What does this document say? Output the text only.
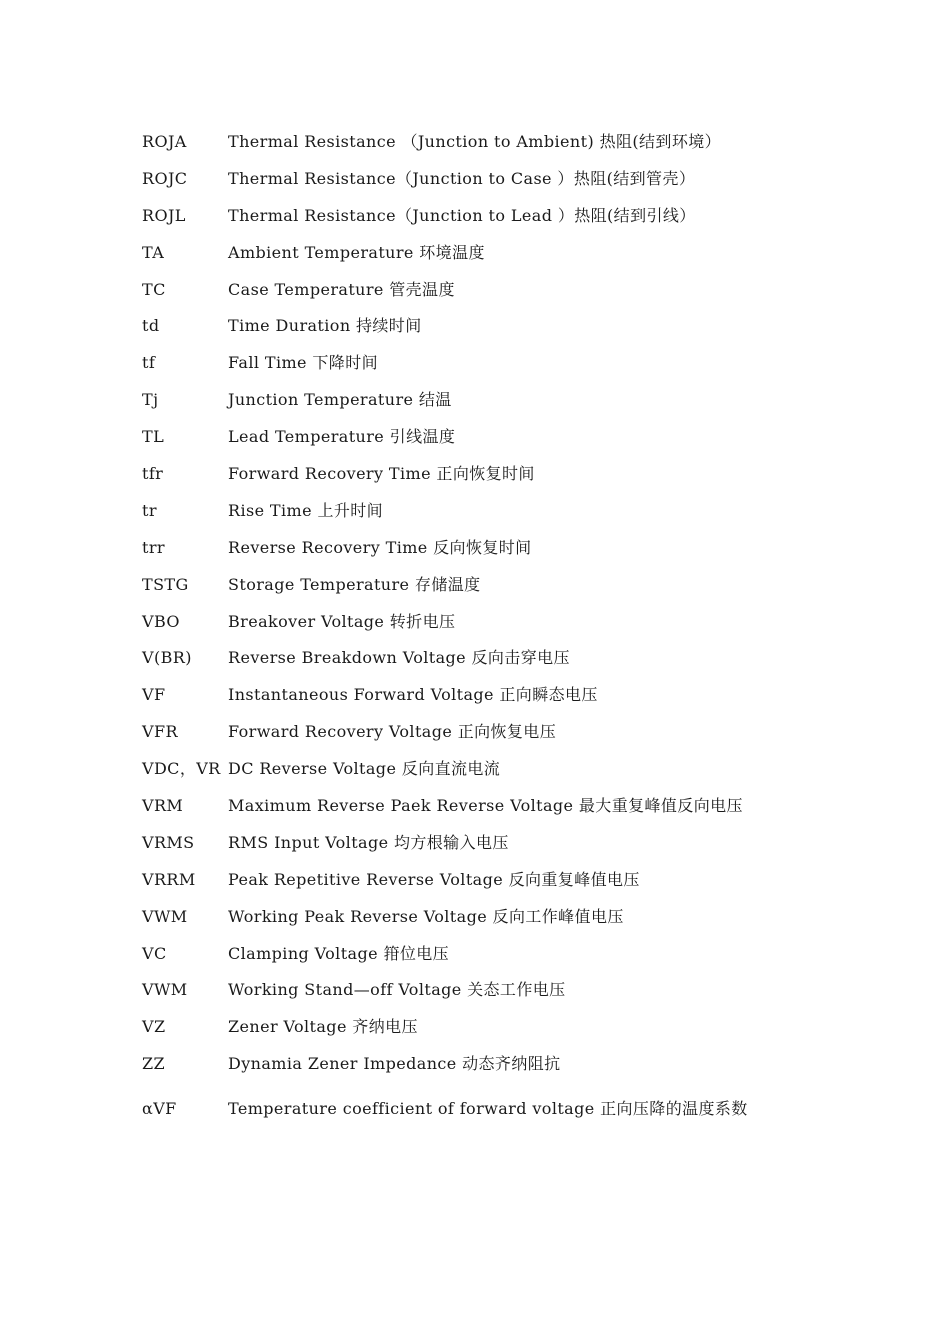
ROJA	Thermal Resistance （Junction to Ambient) 热阻(结到环境）
ROJC	Thermal Resistance（Junction to Case ）热阻(结到管壳）
ROJL	Thermal Resistance（Junction to Lead ）热阻(结到引线）
TA	Ambient Temperature 环境温度
TC	Case Temperature 管壳温度
td	Time Duration 持续时间
tf	Fall Time 下降时间
Tj	Junction Temperature 结温
TL	Lead Temperature 引线温度
tfr	Forward Recovery Time 正向恢复时间
tr	Rise Time 上升时间
trr	Reverse Recovery Time 反向恢复时间
TSTG	Storage Temperature 存储温度
VBO	Breakover Voltage 转折电压
V(BR)	Reverse Breakdown Voltage 反向击穿电压
VF	Instantaneous Forward Voltage 正向瞬态电压
VFR	Forward Recovery Voltage 正向恢复电压
VDC，VR DC Reverse Voltage 反向直流电流
VRM	Maximum Reverse Paek Reverse Voltage 最大重复峰值反向电压
VRMS	RMS Input Voltage 均方根输入电压
VRRM	Peak Repetitive Reverse Voltage 反向重复峰值电压
VWM	Working Peak Reverse Voltage 反向工作峰值电压
VC	Clamping Voltage 箝位电压
VWM	Working Stand—off Voltage 关态工作电压
VZ	Zener Voltage 齐纳电压
ZZ	Dynamia Zener Impedance 动态齐纳阻抗
αVF	Temperature coefficient of forward voltage 正向压降的温度系数
